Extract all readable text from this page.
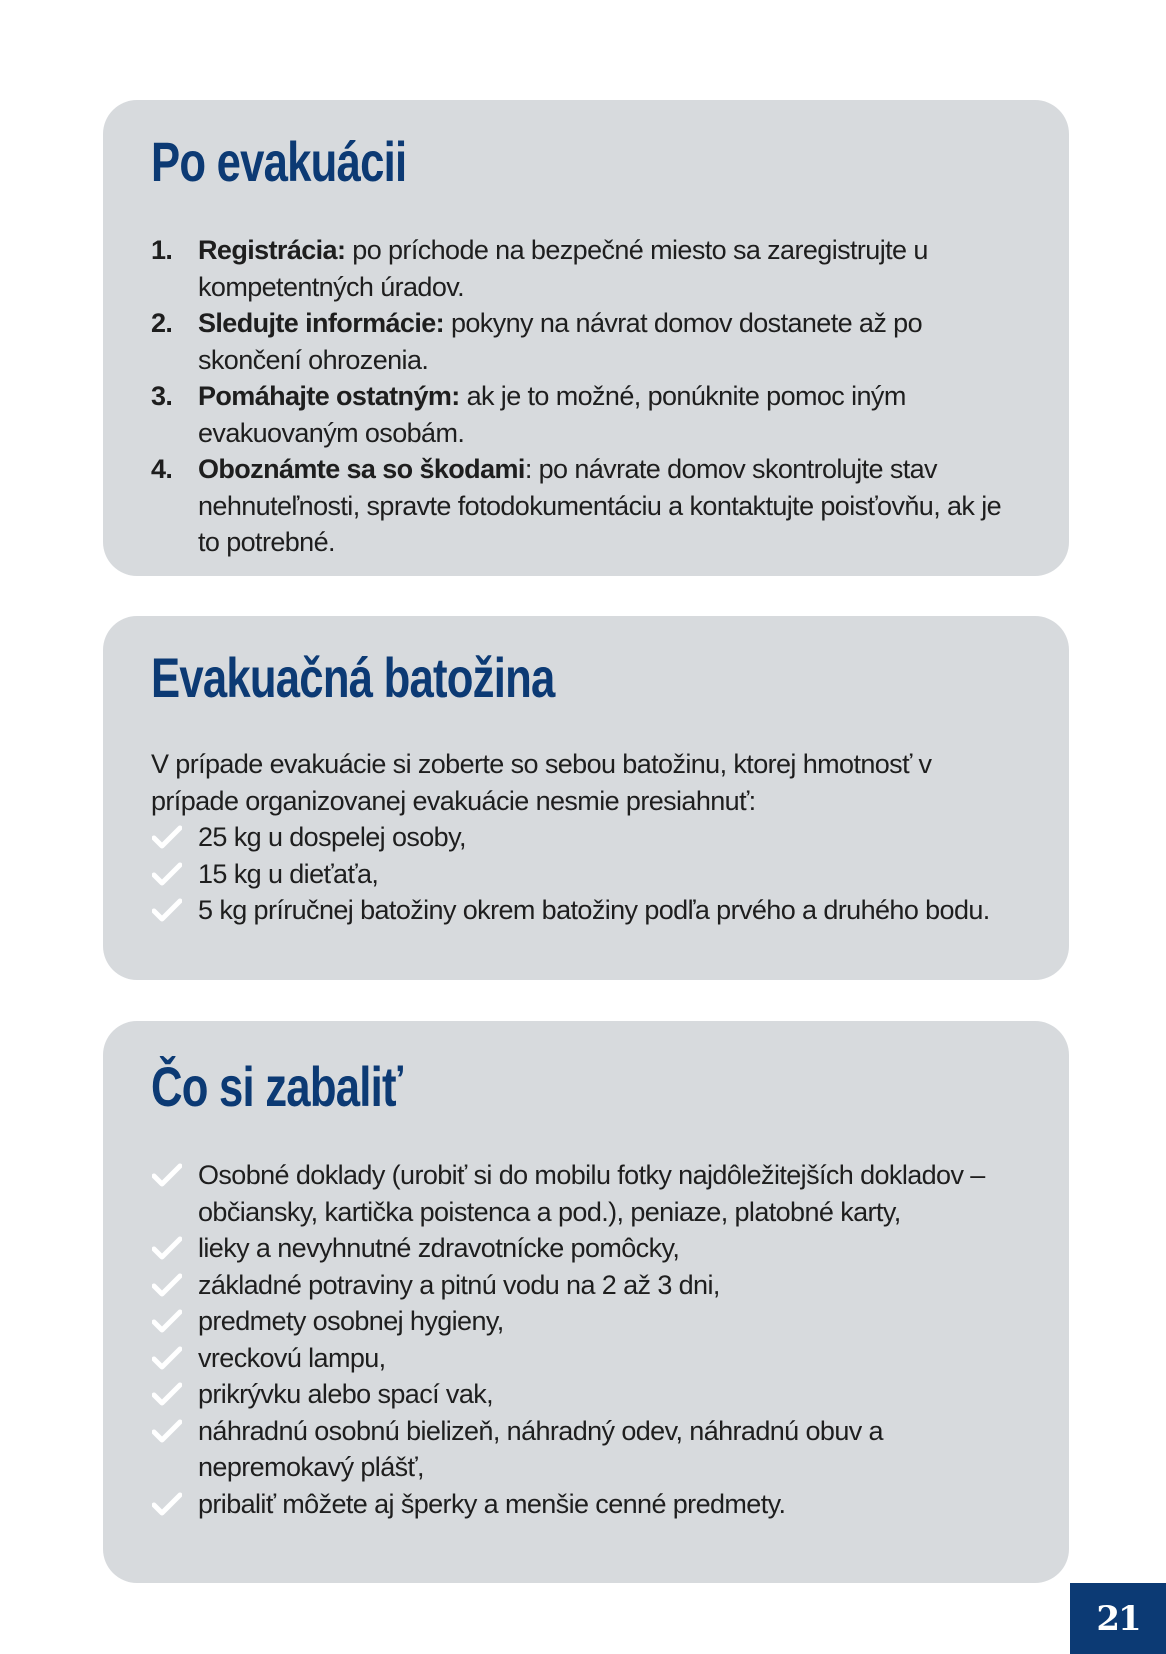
Po evakuácii
1. Registrácia: po príchode na bezpečné miesto sa zaregistrujte u kompetentných úradov.
2. Sledujte informácie: pokyny na návrat domov dostanete až po skončení ohrozenia.
3. Pomáhajte ostatným: ak je to možné, ponúknite pomoc iným evakuovaným osobám.
4. Oboznámte sa so škodami: po návrate domov skontrolujte stav nehnuteľnosti, spravte fotodokumentáciu a kontaktujte poisťovňu, ak je to potrebné.
Evakuačná batožina

V prípade evakuácie si zoberte so sebou batožinu, ktorej hmotnosť v prípade organizovanej evakuácie nesmie presiahnuť:

25 kg u dospelej osoby,
15 kg u dieťaťa,
5 kg príručnej batožiny okrem batožiny podľa prvého a druhého bodu.
Čo si zabaliť
Osobné doklady (urobiť si do mobilu fotky najdôležitejších dokladov – občiansky, kartička poistenca a pod.), peniaze, platobné karty,
lieky a nevyhnutné zdravotnícke pomôcky,
základné potraviny a pitnú vodu na 2 až 3 dni,
predmety osobnej hygieny,
vreckovú lampu,
prikrývku alebo spací vak,
náhradnú osobnú bielizeň, náhradný odev, náhradnú obuv a nepremokavý plášť,
pribaliť môžete aj šperky a menšie cenné predmety.
21
